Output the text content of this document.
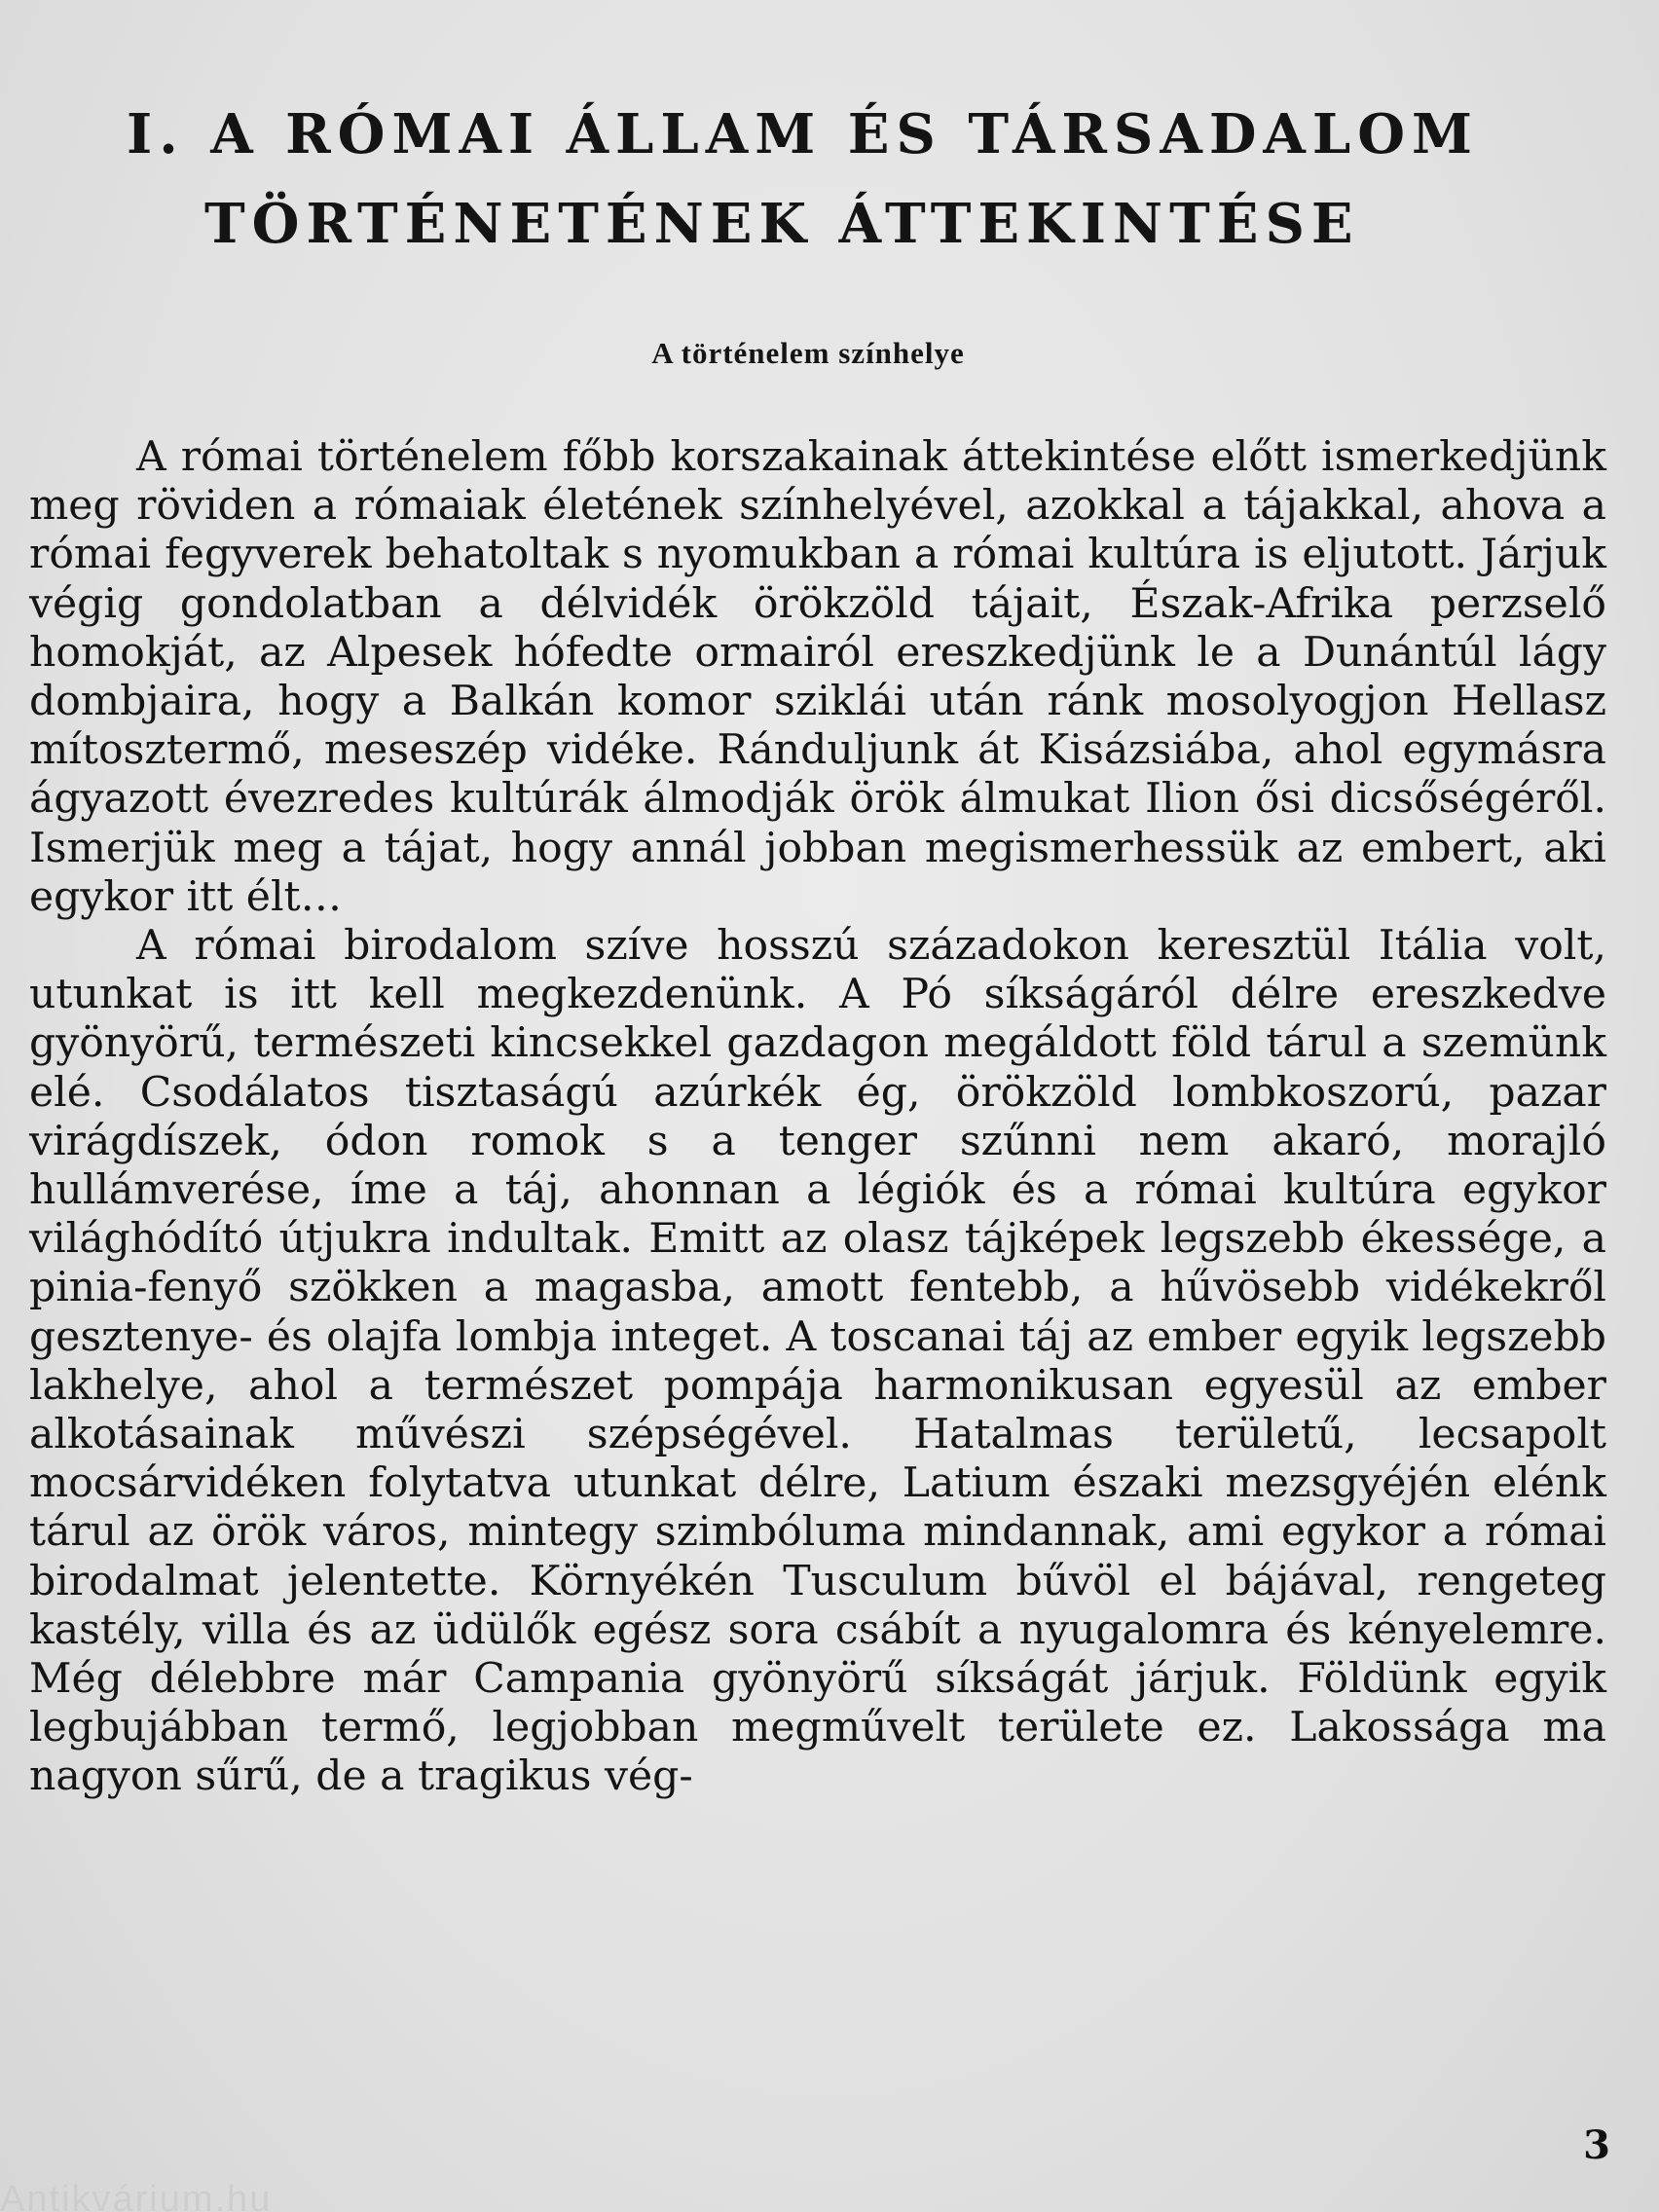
I. A RÓMAI ÁLLAM ÉS TÁRSADALOM
TÖRTÉNETÉNEK ÁTTEKINTÉSE
A történelem színhelye

A római történelem főbb korszakainak áttekintése előtt ismerkedjünk meg röviden a rómaiak életének színhelyével, azokkal a tájakkal, ahova a római fegyverek behatoltak s nyomukban a római kultúra is eljutott. Járjuk végig gondolatban a délvidék örökzöld tájait, Észak-Afrika perzselő homokját, az Alpesek hófedte ormairól ereszkedjünk le a Dunántúl lágy dombjaira, hogy a Balkán komor sziklái után ránk mosolyogjon Hellasz mítosztermő, meseszép vidéke. Ránduljunk át Kisázsiába, ahol egymásra ágyazott évezredes kultúrák álmodják örök álmukat Ilion ősi dicsőségéről. Ismerjük meg a tájat, hogy annál jobban megismerhessük az embert, aki egykor itt élt…

A római birodalom szíve hosszú századokon keresztül Itália volt, utunkat is itt kell megkezdenünk. A Pó síkságáról délre ereszkedve gyönyörű, természeti kincsekkel gazdagon megáldott föld tárul a szemünk elé. Csodálatos tisztaságú azúrkék ég, örökzöld lombkoszorú, pazar virágdíszek, ódon romok s a tenger szűnni nem akaró, morajló hullámverése, íme a táj, ahonnan a légiók és a római kultúra egykor világhódító útjukra indultak. Emitt az olasz tájképek legszebb ékessége, a pinia-fenyő szökken a magasba, amott fentebb, a hűvösebb vidékekről gesztenye- és olajfa lombja integet. A toscanai táj az ember egyik legszebb lakhelye, ahol a természet pompája harmonikusan egyesül az ember alkotásainak művészi szépségével. Hatalmas területű, lecsapolt mocsárvidéken folytatva utunkat délre, Latium északi mezsgyéjén elénk tárul az örök város, mintegy szimbóluma mindannak, ami egykor a római birodalmat jelentette. Környékén Tusculum bűvöl el bájával, rengeteg kastély, villa és az üdülők egész sora csábít a nyugalomra és kényelemre. Még délebbre már Campania gyönyörű síkságát járjuk. Földünk egyik legbujábban termő, legjobban megművelt területe ez. Lakossága ma nagyon sűrű, de a tragikus vég-

3
Antikvárium.hu
